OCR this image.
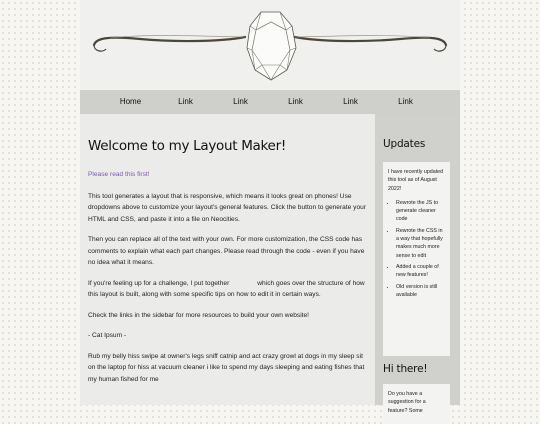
Home	Link	Link	Link	Link	Link
Welcome to my Layout Maker!

Please read this first!

This tool generates a layout that is responsive, which means it looks great on phones! Use dropdowns above to customize your layout's general features. Click the button to generate your HTML and CSS, and paste it into a file on Neocities.

Then you can replace all of the text with your own. For more customization, the CSS code has comments to explain what each part changes. Please read through the code - even if you have no idea what it means.

If you're feeling up for a challenge, I put together	which goes over the structure of how this layout is built, along with some specific tips on how to edit it in certain ways.

Check the links in the sidebar for more resources to build your own website!

- Cat Ipsum -

Rub my belly hiss swipe at owner's legs sniff catnip and act crazy growl at dogs in my sleep sit on the laptop for hiss at vacuum cleaner i like to spend my days sleeping and eating fishes that my human fished for me

Updates

I have recently updated this tool as of August 2022!

• Rewrote the JS to generate cleaner code
• Rewrote the CSS in a way that hopefully makes much more sense to edit
• Added a couple of new features!
• Old version is still available
Hi there!

Do you have a suggestion for a feature? Some
